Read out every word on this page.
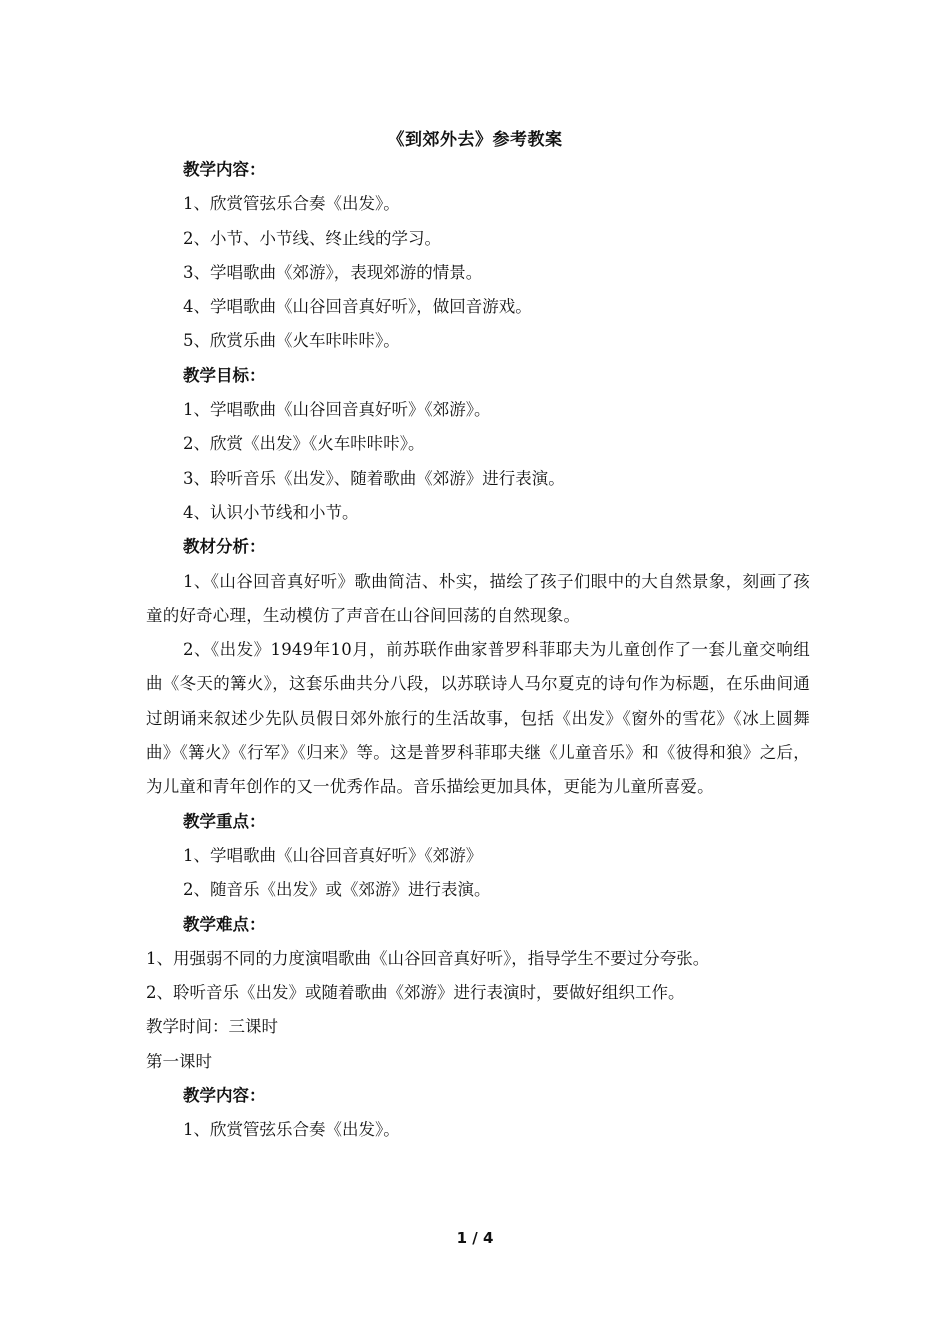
《到郊外去》参考教案
教学内容：
1、欣赏管弦乐合奏《出发》。
2、小节、小节线、终止线的学习。
3、学唱歌曲《郊游》，表现郊游的情景。
4、学唱歌曲《山谷回音真好听》，做回音游戏。
5、欣赏乐曲《火车咔咔咔》。
教学目标：
1、学唱歌曲《山谷回音真好听》《郊游》。
2、欣赏《出发》《火车咔咔咔》。
3、聆听音乐《出发》、随着歌曲《郊游》进行表演。
4、认识小节线和小节。
教材分析：
1、《山谷回音真好听》歌曲简洁、朴实，描绘了孩子们眼中的大自然景象，刻画了孩童的好奇心理，生动模仿了声音在山谷间回荡的自然现象。
2、《出发》1949年10月，前苏联作曲家普罗科菲耶夫为儿童创作了一套儿童交响组曲《冬天的篝火》，这套乐曲共分八段，以苏联诗人马尔夏克的诗句作为标题，在乐曲间通过朗诵来叙述少先队员假日郊外旅行的生活故事，包括《出发》《窗外的雪花》《冰上圆舞曲》《篝火》《行军》《归来》等。这是普罗科菲耶夫继《儿童音乐》和《彼得和狼》之后，为儿童和青年创作的又一优秀作品。音乐描绘更加具体，更能为儿童所喜爱。
教学重点：
1、学唱歌曲《山谷回音真好听》《郊游》
2、随音乐《出发》或《郊游》进行表演。
教学难点：
1、用强弱不同的力度演唱歌曲《山谷回音真好听》，指导学生不要过分夸张。
2、聆听音乐《出发》或随着歌曲《郊游》进行表演时，要做好组织工作。
教学时间：三课时
第一课时
教学内容：
1、欣赏管弦乐合奏《出发》。
1 / 4
